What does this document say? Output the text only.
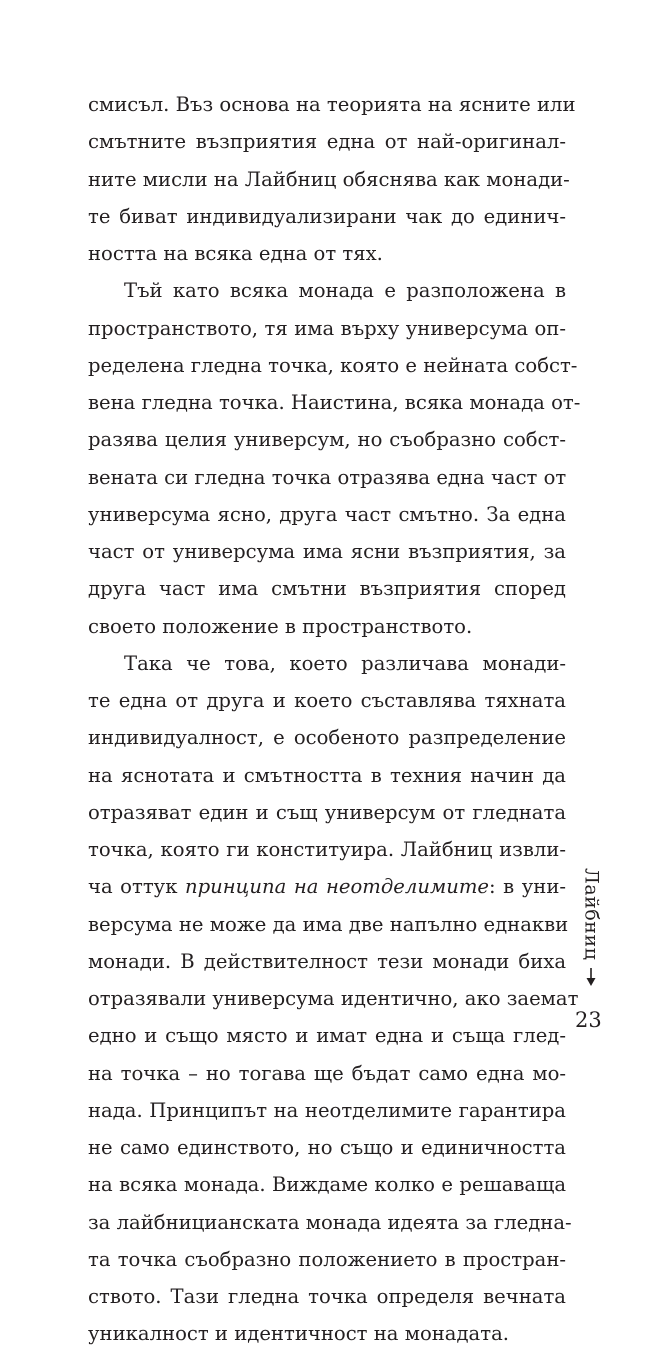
смисъл. Въз основа на теорията на ясните или
смътните възприятия една от най-оригинал-
ните мисли на Лайбниц обяснява как монади-
те биват индивидуализирани чак до единич-
ността на всяка една от тях.
Тъй като всяка монада е разположена в
пространството, тя има върху универсума оп-
ределена гледна точка, която е нейната собст-
вена гледна точка. Наистина, всяка монада от-
разява целия универсум, но съобразно собст-
вената си гледна точка отразява една част от
универсума ясно, друга част смътно. За една
част от универсума има ясни възприятия, за
друга част има смътни възприятия според
своето положение в пространството.
Така че това, което различава монади-
те една от друга и което съставлява тяхната
индивидуалност, е особеното разпределение
на яснотата и смътността в техния начин да
отразяват един и същ универсум от гледната
точка, която ги конституира. Лайбниц извли-
ча оттук принципа на неотделимите: в уни-
версума не може да има две напълно еднакви
монади. В действителност тези монади биха
отразявали универсума идентично, ако заемат
едно и също място и имат една и съща глед-
на точка – но тогава ще бъдат само една мо-
нада. Принципът на неотделимите гарантира
не само единството, но също и единичността
на всяка монада. Виждаме колко е решаваща
за лайбницианската монада идеята за гледна-
та точка съобразно положението в простран-
ството. Тази гледна точка определя вечната
уникалност и идентичност на монадата.
Лайбниц
23
